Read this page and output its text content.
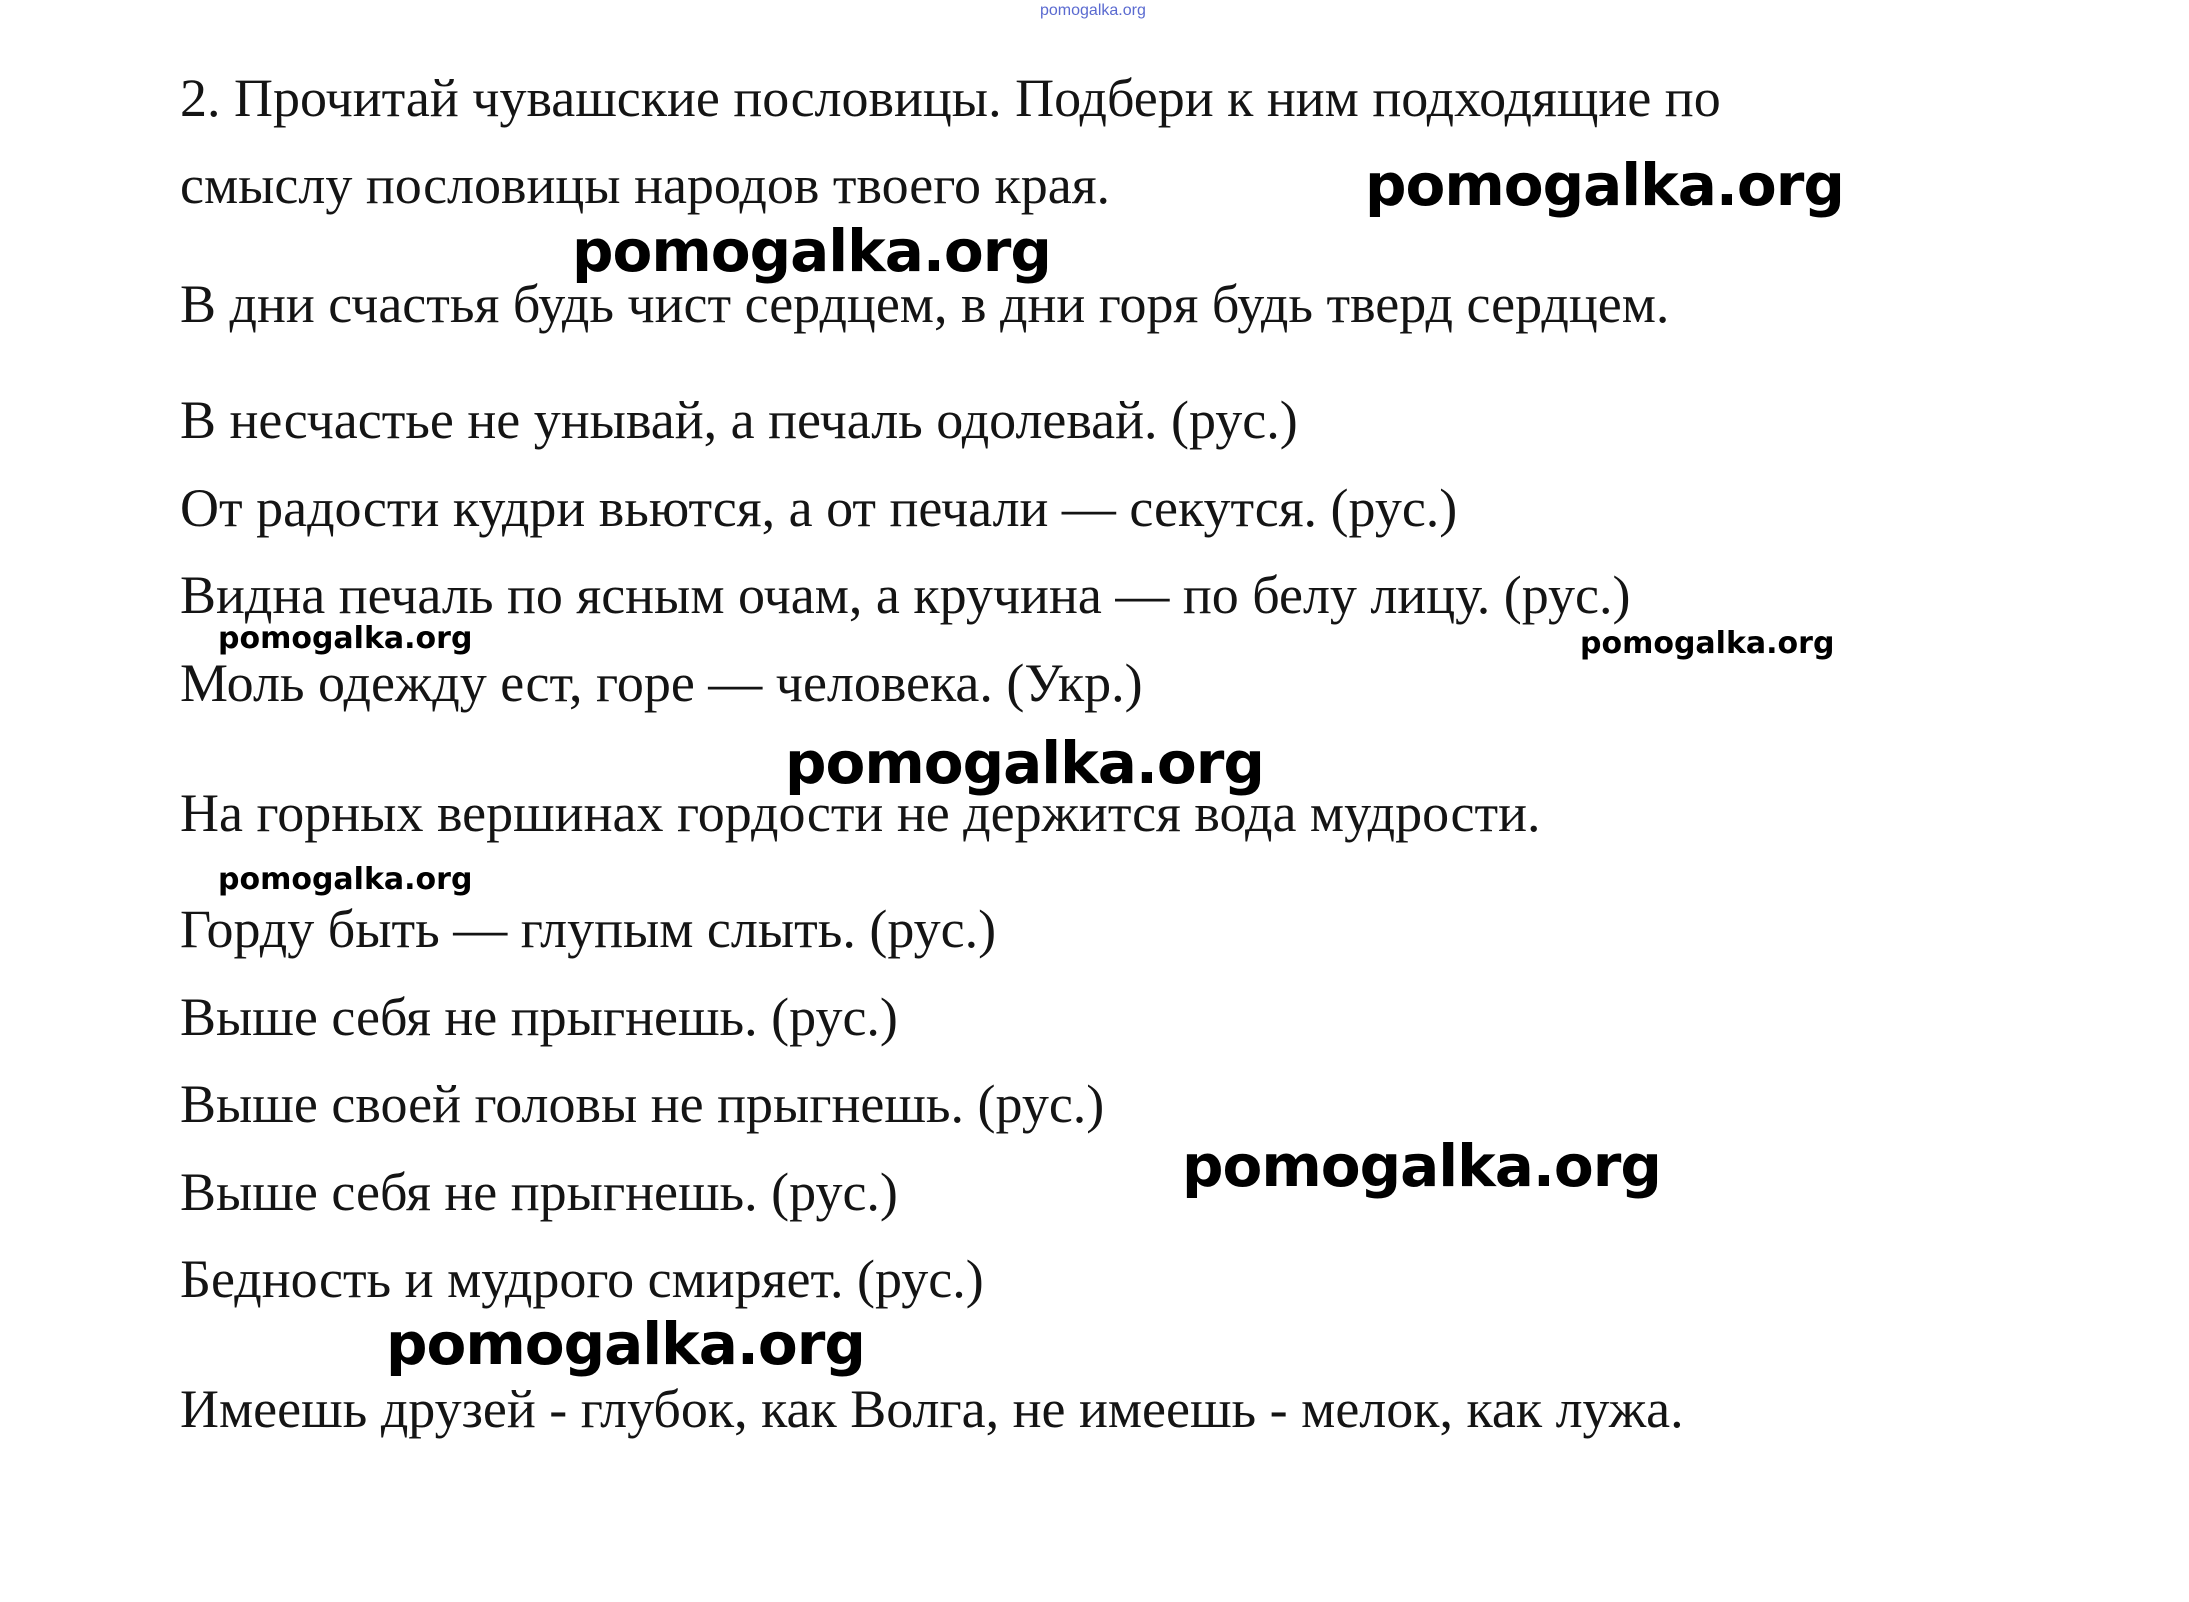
pomogalka.org
2. Прочитай чувашские пословицы. Подбери к ним подходящие по
смыслу пословицы народов твоего края.
В дни счастья будь чист сердцем, в дни горя будь тверд сердцем.
В несчастье не унывай, а печаль одолевай. (рус.)
От радости кудри вьются, а от печали — секутся. (рус.)
Видна печаль по ясным очам, а кручина — по белу лицу. (рус.)
Моль одежду ест, горе — человека. (Укр.)
На горных вершинах гордости не держится вода мудрости.
Горду быть — глупым слыть. (рус.)
Выше себя не прыгнешь. (рус.)
Выше своей головы не прыгнешь. (рус.)
Выше себя не прыгнешь. (рус.)
Бедность и мудрого смиряет. (рус.)
Имеешь друзей - глубок, как Волга, не имеешь - мелок, как лужа.
pomogalka.org
pomogalka.org
pomogalka.org
pomogalka.org
pomogalka.org
pomogalka.org	pomogalka.org
pomogalka.org
